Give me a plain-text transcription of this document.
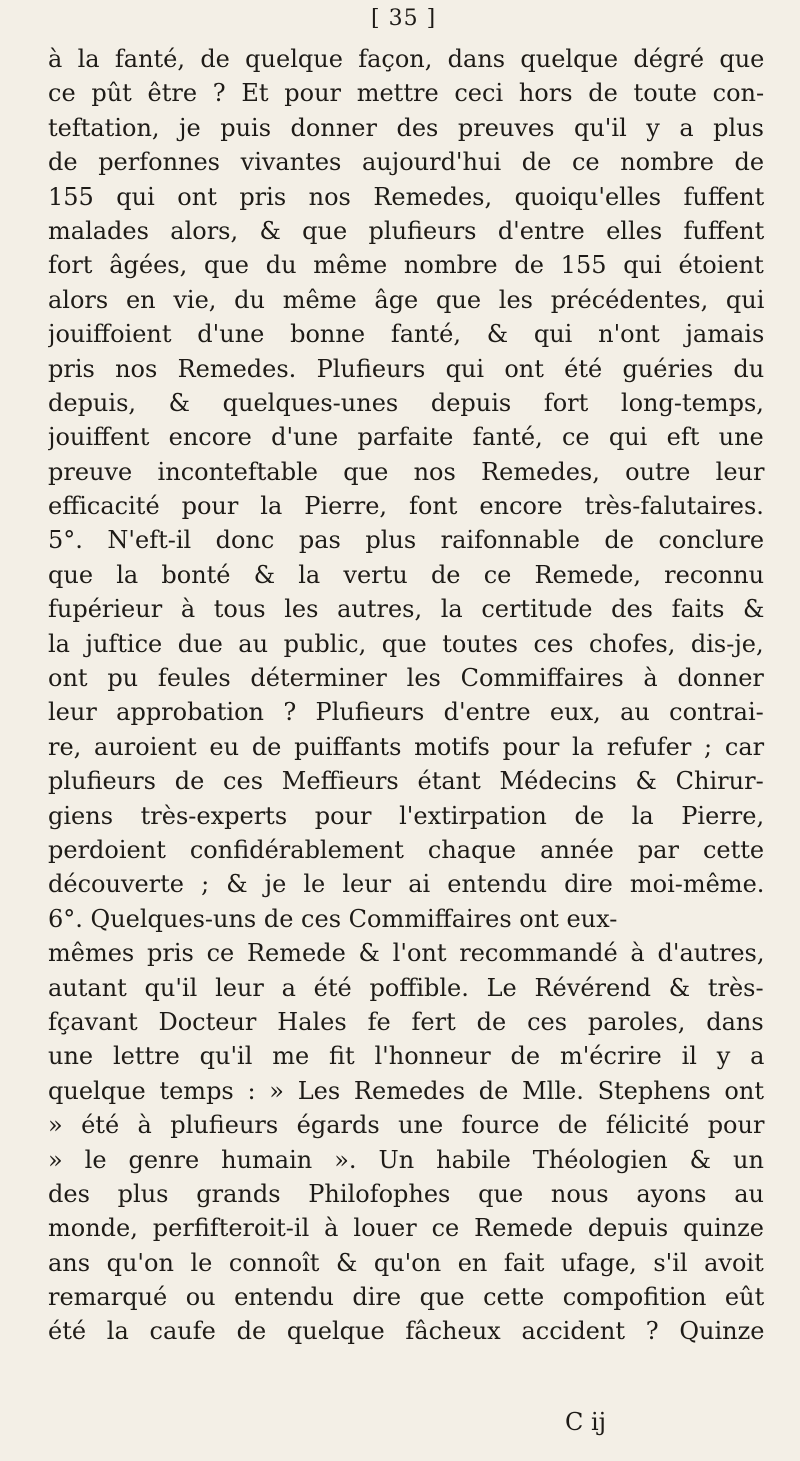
[ 35 ]
à la fanté, de quelque façon, dans quelque dégré que
ce pût être ? Et pour mettre ceci hors de toute con-
teftation, je puis donner des preuves qu'il y a plus
de perfonnes vivantes aujourd'hui de ce nombre de
155 qui ont pris nos Remedes, quoiqu'elles fuffent
malades alors, & que plufieurs d'entre elles fuffent
fort âgées, que du même nombre de 155 qui étoient
alors en vie, du même âge que les précédentes, qui
jouiffoient d'une bonne fanté, & qui n'ont jamais
pris nos Remedes. Plufieurs qui ont été guéries du
depuis, & quelques-unes depuis fort long-temps,
jouiffent encore d'une parfaite fanté, ce qui eft une
preuve inconteftable que nos Remedes, outre leur
efficacité pour la Pierre, font encore très-falutaires.
5°. N'eft-il donc pas plus raifonnable de conclure
que la bonté & la vertu de ce Remede, reconnu
fupérieur à tous les autres, la certitude des faits &
la juftice due au public, que toutes ces chofes, dis-je,
ont pu feules déterminer les Commiffaires à donner
leur approbation ? Plufieurs d'entre eux, au contrai-
re, auroient eu de puiffants motifs pour la refufer ; car
plufieurs de ces Meffieurs étant Médecins & Chirur-
giens très-experts pour l'extirpation de la Pierre,
perdoient confidérablement chaque année par cette
découverte ; & je le leur ai entendu dire moi-même.
6°. Quelques-uns de ces Commiffaires ont eux-
mêmes pris ce Remede & l'ont recommandé à d'autres,
autant qu'il leur a été poffible. Le Révérend & très-
fçavant Docteur Hales fe fert de ces paroles, dans
une lettre qu'il me fit l'honneur de m'écrire il y a
quelque temps : » Les Remedes de Mlle. Stephens ont
» été à plufieurs égards une fource de félicité pour
» le genre humain ». Un habile Théologien & un
des plus grands Philofophes que nous ayons au
monde, perfifteroit-il à louer ce Remede depuis quinze
ans qu'on le connoît & qu'on en fait ufage, s'il avoit
remarqué ou entendu dire que cette compofition eût
été la caufe de quelque fâcheux accident ? Quinze
C ij
